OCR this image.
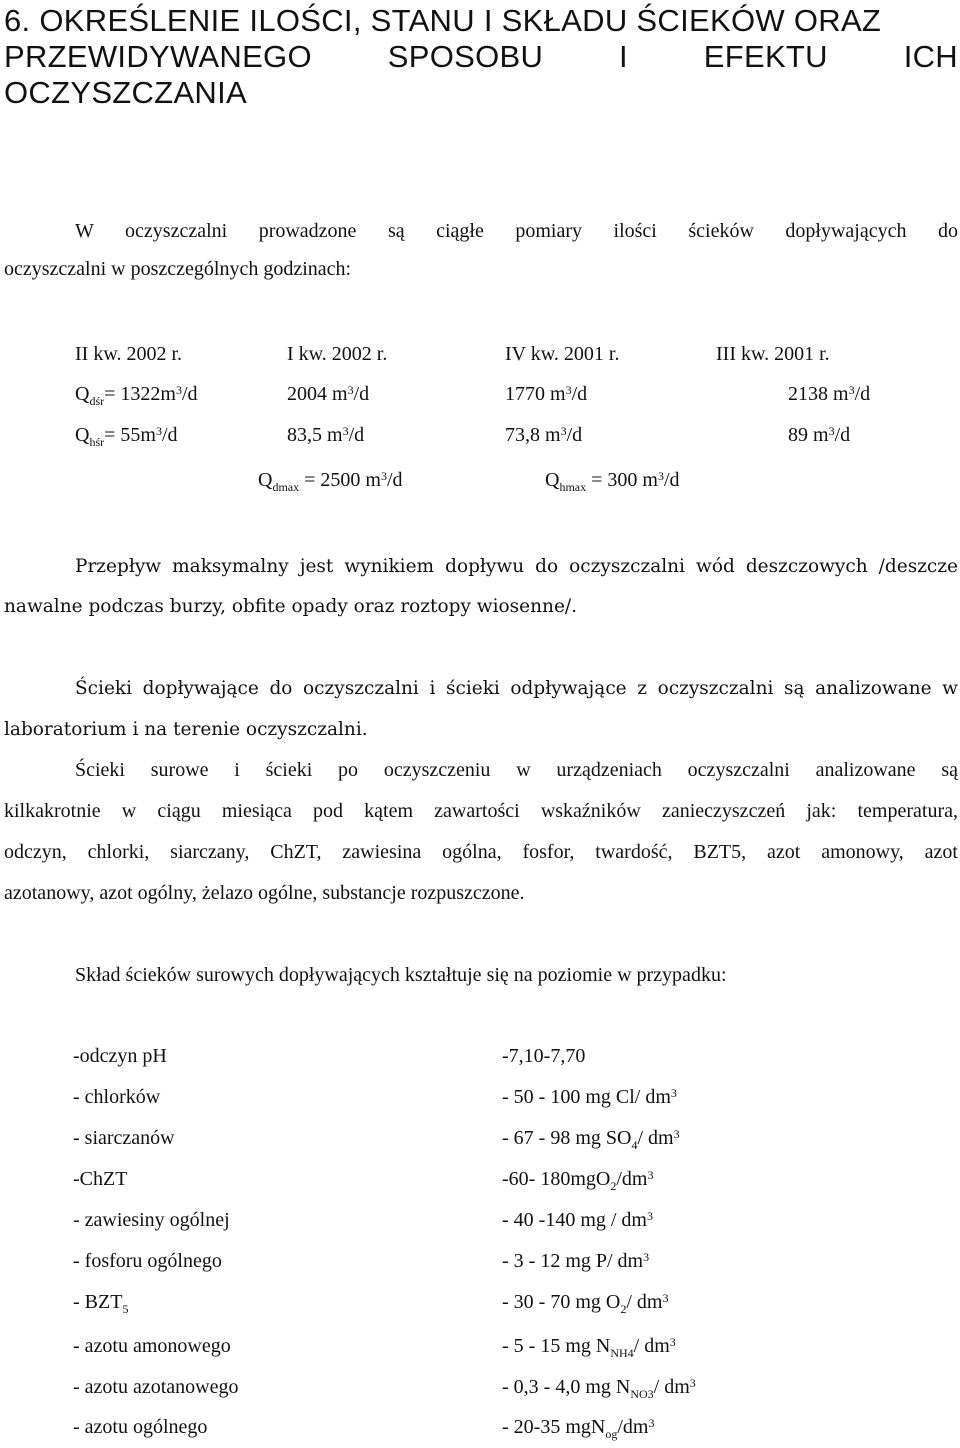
6. OKREŚLENIE ILOŚCI, STANU I SKŁADU ŚCIEKÓW ORAZ
PRZEWIDYWANEGO SPOSOBU I EFEKTU ICH
OCZYSZCZANIA
W oczyszczalni prowadzone są ciągłe pomiary ilości ścieków dopływających do
oczyszczalni w poszczególnych godzinach:
II kw. 2002 r.	I kw. 2002 r.	IV kw. 2001 r.	III kw. 2001 r.
$Q_{dśr}= 1322m^3/d$	2004 $m^3/d$	1770 $m^3/d$	2138 $m^3/d$
$Q_{hśr}= 55m^3/d$	83,5 $m^3/d$	73,8 $m^3/d$	89 $m^3/d$
$Q_{dmax} = 2500$ $m^3/d$	$Q_{hmax} = 300$ $m^3/d$
Przepływ maksymalny jest wynikiem dopływu do oczyszczalni wód deszczowych /deszcze
nawalne podczas burzy, obfite opady oraz roztopy wiosenne/.
Ścieki dopływające do oczyszczalni i ścieki odpływające z oczyszczalni są analizowane w
laboratorium i na terenie oczyszczalni.
Ścieki surowe i ścieki po oczyszczeniu w urządzeniach oczyszczalni analizowane są
kilkakrotnie w ciągu miesiąca pod kątem zawartości wskaźników zanieczyszczeń jak: temperatura,
odczyn, chlorki, siarczany, ChZT, zawiesina ogólna, fosfor, twardość, BZT5, azot amonowy, azot
azotanowy, azot ogólny, żelazo ogólne, substancje rozpuszczone.
Skład ścieków surowych dopływających kształtuje się na poziomie w przypadku:
-odczyn pH	-7,10-7,70
- chlorków	- 50 - 100 mg Cl/ $dm^3$
- siarczanów	- 67 - 98 mg $SO_4/$ $dm^3$
-ChZT	-60- $180mgO_2/dm^3$
- zawiesiny ogólnej	- 40 -140 mg / $dm^3$
- fosforu ogólnego	- 3 - 12 mg P/ $dm^3$
- $BZT_5$	- 30 - 70 mg $O_2/$ $dm^3$
- azotu amonowego	- 5 - 15 mg $N_{NH4}/$ $dm^3$
- azotu azotanowego	- 0,3 - 4,0 mg $N_{NO3}/$ $dm^3$
- azotu ogólnego	- 20-35 $mgN_{og}/dm^3$
